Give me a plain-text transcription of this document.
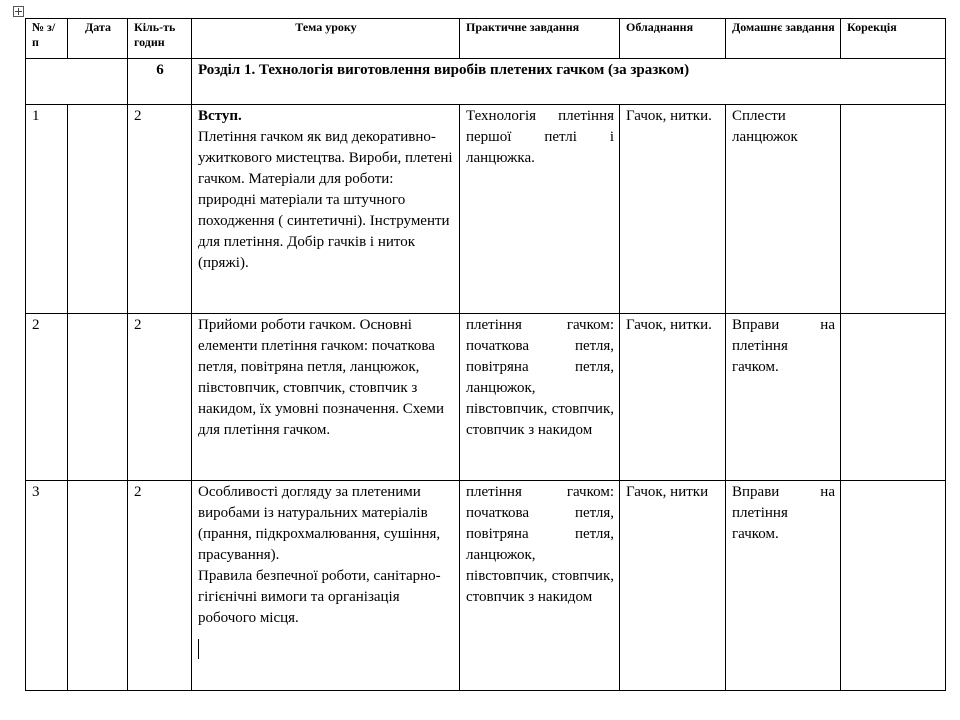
№ з/п	Дата	Кіль-ть годин	Тема уроку	Практичне завдання	Обладнання	Домашнє завдання	Корекція
		6	Розділ 1. Технологія виготовлення виробів плетених гачком (за зразком)				
1		2	Вступ.
Плетіння гачком як вид декоративно-ужиткового мистецтва. Вироби, плетені гачком. Матеріали для роботи: природні матеріали та штучного походження ( синтетичні). Інструменти для плетіння. Добір гачків і ниток (пряжі).	Технологія плетіння першої петлі і ланцюжка.	Гачок, нитки.	Сплести ланцюжок	
2		2	Прийоми роботи гачком. Основні елементи плетіння гачком: початкова петля, повітряна петля, ланцюжок, півстовпчик, стовпчик, стовпчик з накидом, їх умовні позначення. Схеми для плетіння гачком.	плетіння гачком: початкова петля, повітряна петля, ланцюжок, півстовпчик, стовпчик, стовпчик з накидом	Гачок, нитки.	Вправи на плетіння гачком.	

3		2	Особливості догляду за плетеними виробами із натуральних матеріалів (прання, підкрохмалювання, сушіння, прасування).
Правила безпечної роботи, санітарно-гігієнічні вимоги та організація робочого місця.	плетіння гачком: початкова петля, повітряна петля, ланцюжок, півстовпчик, стовпчик, стовпчик з накидом	Гачок, нитки	Вправи на плетіння гачком.	
